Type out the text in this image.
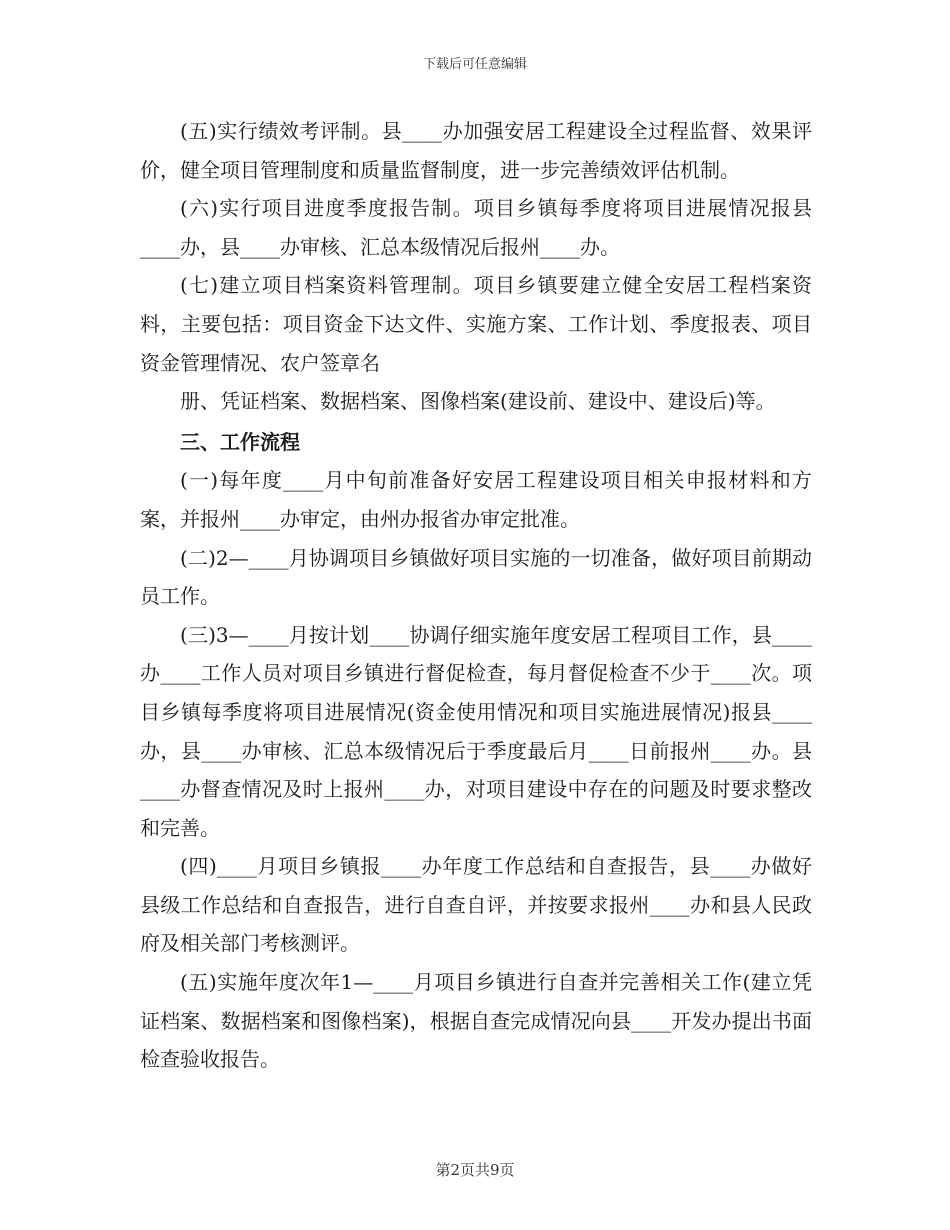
下载后可任意编辑

(五)实行绩效考评制。县____办加强安居工程建设全过程监督、效果评价，健全项目管理制度和质量监督制度，进一步完善绩效评估机制。

(六)实行项目进度季度报告制。项目乡镇每季度将项目进展情况报县____办，县____办审核、汇总本级情况后报州____办。

(七)建立项目档案资料管理制。项目乡镇要建立健全安居工程档案资料，主要包括：项目资金下达文件、实施方案、工作计划、季度报表、项目资金管理情况、农户签章名

册、凭证档案、数据档案、图像档案(建设前、建设中、建设后)等。

三、工作流程

(一)每年度____月中旬前准备好安居工程建设项目相关申报材料和方案，并报州____办审定，由州办报省办审定批准。

(二)2—____月协调项目乡镇做好项目实施的一切准备，做好项目前期动员工作。

(三)3—____月按计划____协调仔细实施年度安居工程项目工作，县____办____工作人员对项目乡镇进行督促检查，每月督促检查不少于____次。项目乡镇每季度将项目进展情况(资金使用情况和项目实施进展情况)报县____办，县____办审核、汇总本级情况后于季度最后月____日前报州____办。县____办督查情况及时上报州____办，对项目建设中存在的问题及时要求整改和完善。

(四)____月项目乡镇报____办年度工作总结和自查报告，县____办做好县级工作总结和自查报告，进行自查自评，并按要求报州____办和县人民政府及相关部门考核测评。

(五)实施年度次年1—____月项目乡镇进行自查并完善相关工作(建立凭证档案、数据档案和图像档案)，根据自查完成情况向县____开发办提出书面检查验收报告。

第2页共9页
